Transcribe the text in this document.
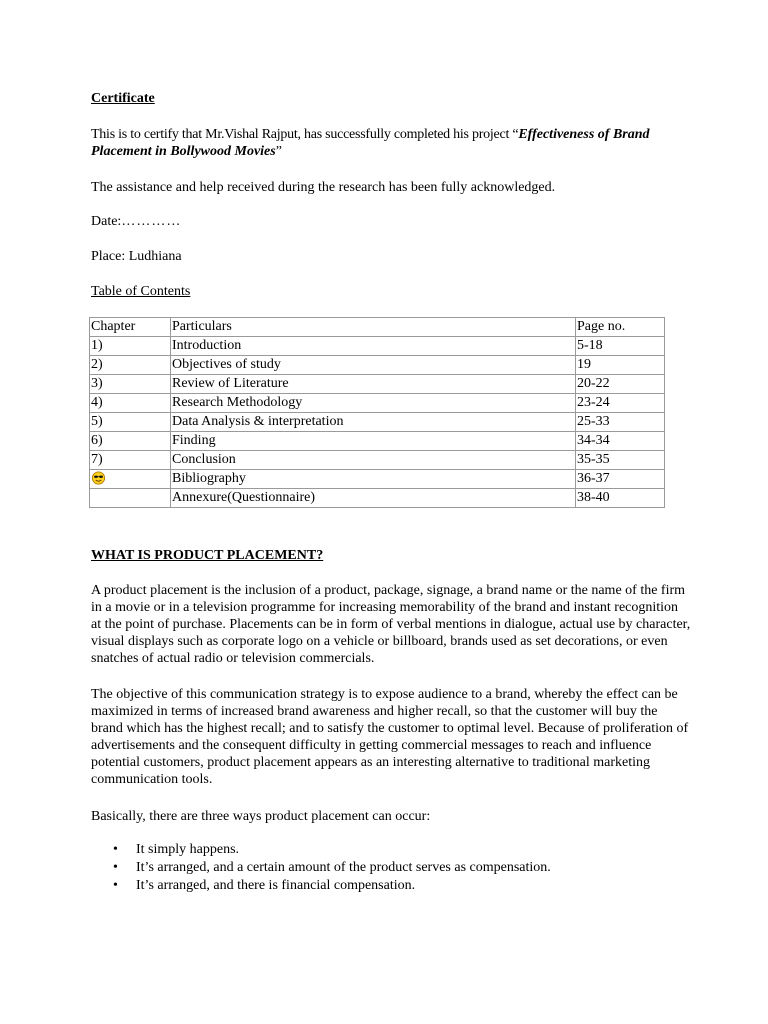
Certificate
This is to certify that Mr.Vishal Rajput, has successfully completed his project “Effectiveness of Brand Placement in Bollywood Movies”
The assistance and help received during the research has been fully acknowledged.
Date:…………
Place: Ludhiana
Table of Contents
Chapter	Particulars	Page no.
1)	Introduction	5-18
2)	Objectives of study	19
3)	Review of Literature	20-22
4)	Research Methodology	23-24
5)	Data Analysis & interpretation	25-33
6)	Finding	34-34
7)	Conclusion	35-35
	Bibliography	36-37
	Annexure(Questionnaire)	38-40
WHAT IS PRODUCT PLACEMENT?
A product placement is the inclusion of a product, package, signage, a brand name or the name of the firm in a movie or in a television programme for increasing memorability of the brand and instant recognition at the point of purchase. Placements can be in form of verbal mentions in dialogue, actual use by character, visual displays such as corporate logo on a vehicle or billboard, brands used as set decorations, or even snatches of actual radio or television commercials.
The objective of this communication strategy is to expose audience to a brand, whereby the effect can be maximized in terms of increased brand awareness and higher recall, so that the customer will buy the brand which has the highest recall; and to satisfy the customer to optimal level. Because of proliferation of advertisements and the consequent difficulty in getting commercial messages to reach and influence potential customers, product placement appears as an interesting alternative to traditional marketing communication tools.
Basically, there are three ways product placement can occur:
• It simply happens.
• It’s arranged, and a certain amount of the product serves as compensation.
• It’s arranged, and there is financial compensation.
